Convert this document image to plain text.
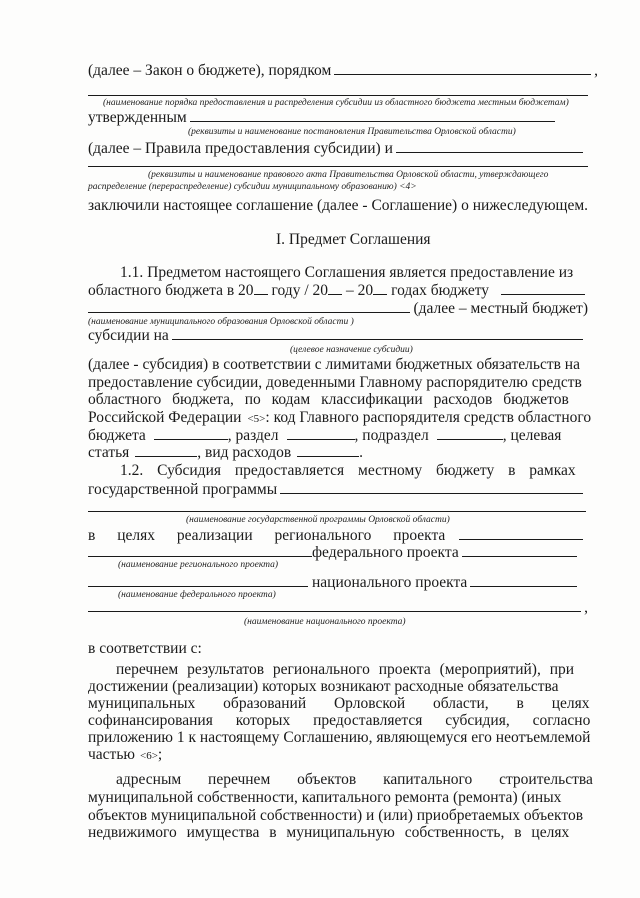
(далее – Закон о бюджете), порядком	,
(наименование порядка предоставления и распределения субсидии из областного бюджета местным бюджетам)
утвержденным
(реквизиты и наименование постановления Правительства Орловской области)
(далее – Правила предоставления субсидии) и
(реквизиты и наименование правового акта Правительства Орловской области, утверждающего
распределение (перераспределение) субсидии муниципальному образованию) <4>
заключили настоящее соглашение (далее - Соглашение) о нижеследующем.
I. Предмет Соглашения
1.1. Предметом настоящего Соглашения является предоставление из
областного бюджета в 20 году / 20 – 20 годах бюджету
(далее – местный бюджет)
(наименование муниципального образования Орловской области )
субсидии на
(целевое назначение субсидии)
(далее - субсидия) в соответствии с лимитами бюджетных обязательств на
предоставление субсидии, доведенными Главному распорядителю средств
областного бюджета, по кодам классификации расходов бюджетов
Российской Федерации <5> : код Главного распорядителя средств областного
бюджета	, раздел	, подраздел	, целевая
статья	, вид расходов	.
1.2. Субсидия предоставляется местному бюджету в рамках
государственной программы
(наименование государственной программы Орловской области)
в целях реализации регионального проекта
федерального проекта
(наименование регионального проекта)
национального проекта
(наименование федерального проекта)
,
(наименование национального проекта)
в соответствии с:
перечнем результатов регионального проекта (мероприятий), при
достижении (реализации) которых возникают расходные обязательства
муниципальных образований Орловской области, в целях
софинансирования которых предоставляется субсидия, согласно
приложению 1 к настоящему Соглашению, являющемуся его неотъемлемой
частью <6> ;
адресным перечнем объектов капитального строительства
муниципальной собственности, капитального ремонта (ремонта) (иных
объектов муниципальной собственности) и (или) приобретаемых объектов
недвижимого имущества в муниципальную собственность, в целях
